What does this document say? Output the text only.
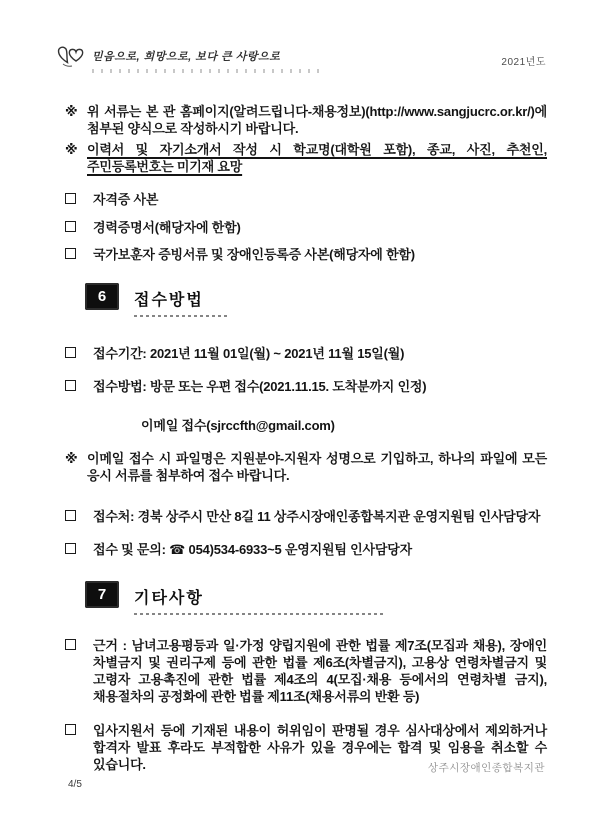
믿음으로, 희망으로, 보다 큰 사랑으로	2021년도
※ 위 서류는 본 관 홈페이지(알려드립니다-채용정보)(http://www.sangjucrc.or.kr/)에 첨부된 양식으로 작성하시기 바랍니다.
※ 이력서 및 자기소개서 작성 시 학교명(대학원 포함), 종교, 사진, 추천인, 주민등록번호는 미기재 요망
자격증 사본
경력증명서(해당자에 한함)
국가보훈자 증빙서류 및 장애인등록증 사본(해당자에 한함)
6	접수방법
접수기간: 2021년 11월 01일(월) ~ 2021년 11월 15일(월)
접수방법: 방문 또는 우편 접수(2021.11.15. 도착분까지 인정)
이메일 접수(sjrccfth@gmail.com)
※ 이메일 접수 시 파일명은 지원분야-지원자 성명으로 기입하고, 하나의 파일에 모든 응시 서류를 첨부하여 접수 바랍니다.
접수처: 경북 상주시 만산 8길 11 상주시장애인종합복지관 운영지원팀 인사담당자
접수 및 문의: ☎ 054)534-6933~5 운영지원팀 인사담당자
7	기타사항
근거 : 남녀고용평등과 일·가정 양립지원에 관한 법률 제7조(모집과 채용), 장애인 차별금지 및 권리구제 등에 관한 법률 제6조(차별금지), 고용상 연령차별금지 및 고령자 고용촉진에 관한 법률 제4조의 4(모집·채용 등에서의 연령차별 금지), 채용절차의 공정화에 관한 법률 제11조(채용서류의 반환 등)
입사지원서 등에 기재된 내용이 허위임이 판명될 경우 심사대상에서 제외하거나 합격자 발표 후라도 부적합한 사유가 있을 경우에는 합격 및 임용을 취소할 수 있습니다.	상주시장애인종합복지관
4/5
